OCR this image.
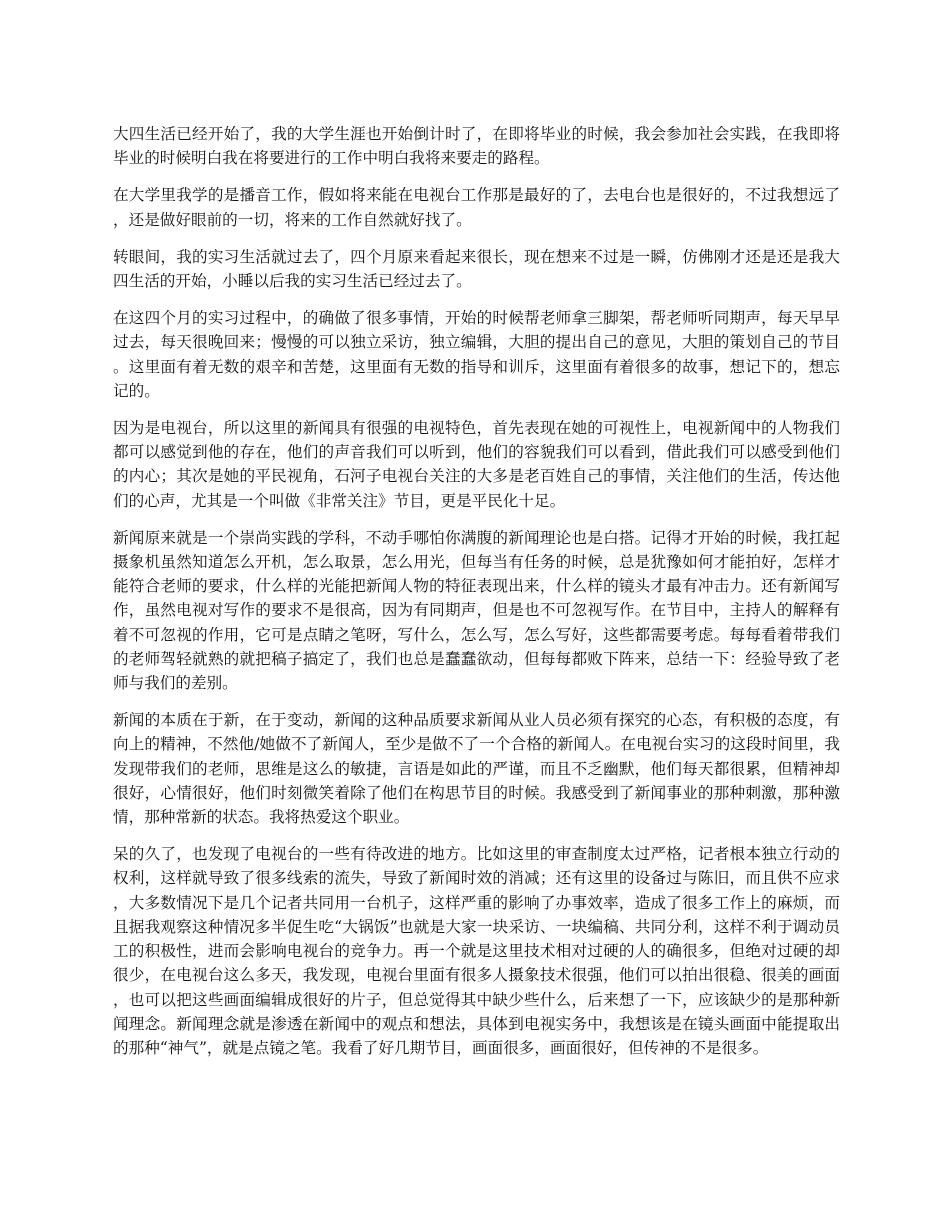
大四生活已经开始了，我的大学生涯也开始倒计时了，在即将毕业的时候，我会参加社会实践，在我即将毕业的时候明白我在将要进行的工作中明白我将来要走的路程。

在大学里我学的是播音工作，假如将来能在电视台工作那是最好的了，去电台也是很好的，不过我想远了，还是做好眼前的一切，将来的工作自然就好找了。

转眼间，我的实习生活就过去了，四个月原来看起来很长，现在想来不过是一瞬，仿佛刚才还是还是我大四生活的开始，小睡以后我的实习生活已经过去了。

在这四个月的实习过程中，的确做了很多事情，开始的时候帮老师拿三脚架，帮老师听同期声，每天早早过去，每天很晚回来；慢慢的可以独立采访，独立编辑，大胆的提出自己的意见，大胆的策划自己的节目。这里面有着无数的艰辛和苦楚，这里面有无数的指导和训斥，这里面有着很多的故事，想记下的，想忘记的。

因为是电视台，所以这里的新闻具有很强的电视特色，首先表现在她的可视性上，电视新闻中的人物我们都可以感觉到他的存在，他们的声音我们可以听到，他们的容貌我们可以看到，借此我们可以感受到他们的内心；其次是她的平民视角，石河子电视台关注的大多是老百姓自己的事情，关注他们的生活，传达他们的心声，尤其是一个叫做《非常关注》节目，更是平民化十足。

新闻原来就是一个崇尚实践的学科，不动手哪怕你满腹的新闻理论也是白搭。记得才开始的时候，我扛起摄象机虽然知道怎么开机，怎么取景，怎么用光，但每当有任务的时候，总是犹豫如何才能拍好，怎样才能符合老师的要求，什么样的光能把新闻人物的特征表现出来，什么样的镜头才最有冲击力。还有新闻写作，虽然电视对写作的要求不是很高，因为有同期声，但是也不可忽视写作。在节目中，主持人的解释有着不可忽视的作用，它可是点睛之笔呀，写什么，怎么写，怎么写好，这些都需要考虑。每每看着带我们的老师驾轻就熟的就把稿子搞定了，我们也总是蠢蠢欲动，但每每都败下阵来，总结一下：经验导致了老师与我们的差别。

新闻的本质在于新，在于变动，新闻的这种品质要求新闻从业人员必须有探究的心态，有积极的态度，有向上的精神，不然他/她做不了新闻人，至少是做不了一个合格的新闻人。在电视台实习的这段时间里，我发现带我们的老师，思维是这么的敏捷，言语是如此的严谨，而且不乏幽默，他们每天都很累，但精神却很好，心情很好，他们时刻微笑着除了他们在构思节目的时候。我感受到了新闻事业的那种刺激，那种激情，那种常新的状态。我将热爱这个职业。

呆的久了，也发现了电视台的一些有待改进的地方。比如这里的审查制度太过严格，记者根本独立行动的权利，这样就导致了很多线索的流失，导致了新闻时效的消减；还有这里的设备过与陈旧，而且供不应求，大多数情况下是几个记者共同用一台机子，这样严重的影响了办事效率，造成了很多工作上的麻烦，而且据我观察这种情况多半促生吃“大锅饭”也就是大家一块采访、一块编稿、共同分利，这样不利于调动员工的积极性，进而会影响电视台的竞争力。再一个就是这里技术相对过硬的人的确很多，但绝对过硬的却很少，在电视台这么多天，我发现，电视台里面有很多人摄象技术很强，他们可以拍出很稳、很美的画面，也可以把这些画面编辑成很好的片子，但总觉得其中缺少些什么，后来想了一下，应该缺少的是那种新闻理念。新闻理念就是渗透在新闻中的观点和想法，具体到电视实务中，我想该是在镜头画面中能提取出的那种“神气”，就是点镜之笔。我看了好几期节目，画面很多，画面很好，但传神的不是很多。
